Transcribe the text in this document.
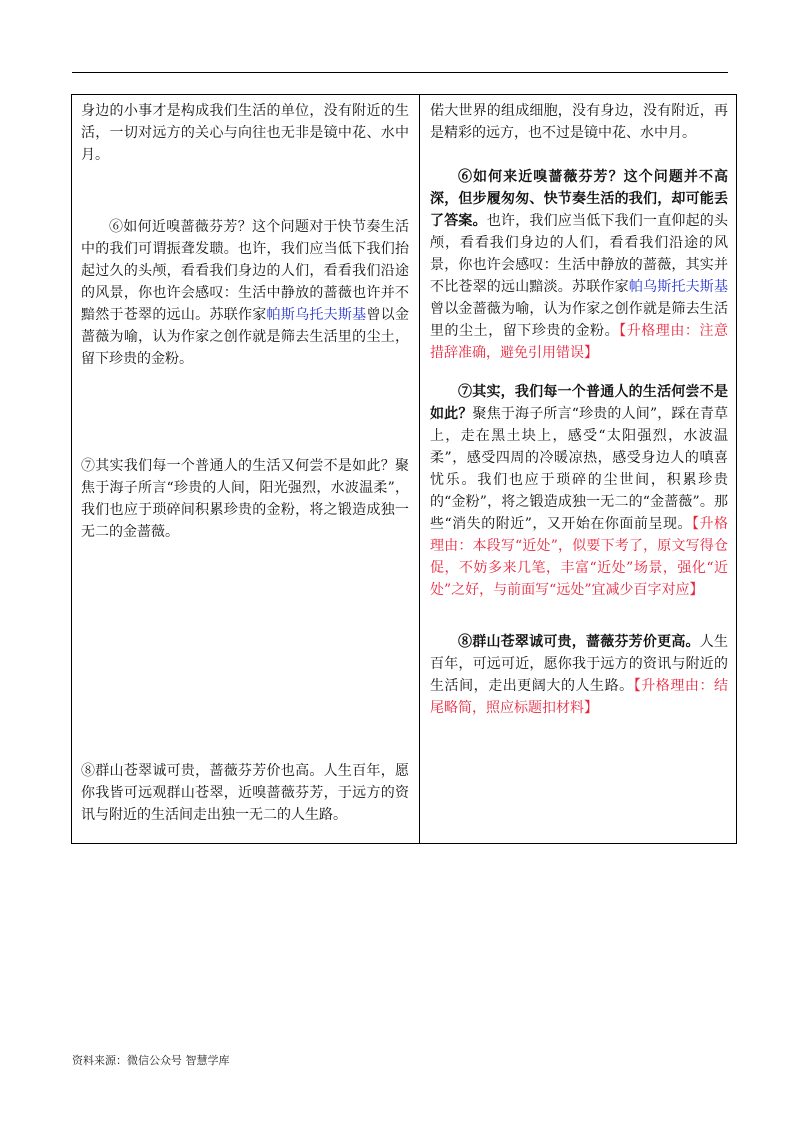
身边的小事才是构成我们生活的单位，没有附近的生活，一切对远方的关心与向往也无非是镜中花、水中月。

⑥如何近嗅蔷薇芬芳？这个问题对于快节奏生活中的我们可谓振聋发聩。也许，我们应当低下我们抬起过久的头颅，看看我们身边的人们，看看我们沿途的风景，你也许会感叹：生活中静放的蔷薇也许并不黯然于苍翠的远山。苏联作家帕斯乌托夫斯基曾以金蔷薇为喻，认为作家之创作就是筛去生活里的尘土，留下珍贵的金粉。

⑦其实我们每一个普通人的生活又何尝不是如此？聚焦于海子所言“珍贵的人间，阳光强烈，水波温柔”，我们也应于琐碎间积累珍贵的金粉，将之锻造成独一无二的金蔷薇。

⑧群山苍翠诚可贵，蔷薇芬芳价也高。人生百年，愿你我皆可远观群山苍翠，近嗅蔷薇芬芳，于远方的资讯与附近的生活间走出独一无二的人生路。

偌大世界的组成细胞，没有身边，没有附近，再是精彩的远方，也不过是镜中花、水中月。

⑥如何来近嗅蔷薇芬芳？这个问题并不高深，但步履匆匆、快节奏生活的我们，却可能丢了答案。也许，我们应当低下我们一直仰起的头颅，看看我们身边的人们，看看我们沿途的风景，你也许会感叹：生活中静放的蔷薇，其实并不比苍翠的远山黯淡。苏联作家帕乌斯托夫斯基曾以金蔷薇为喻，认为作家之创作就是筛去生活里的尘土，留下珍贵的金粉。【升格理由：注意措辞准确，避免引用错误】

⑦其实，我们每一个普通人的生活何尝不是如此？聚焦于海子所言“珍贵的人间”，踩在青草上，走在黑土块上，感受“太阳强烈，水波温柔”，感受四周的冷暖凉热，感受身边人的嗔喜忧乐。我们也应于琐碎的尘世间，积累珍贵的“金粉”，将之锻造成独一无二的“金蔷薇”。那些“消失的附近”，又开始在你面前呈现。【升格理由：本段写“近处”，似要下考了，原文写得仓促，不妨多来几笔，丰富“近处”场景，强化“近处”之好，与前面写“远处”宜减少百字对应】

⑧群山苍翠诚可贵，蔷薇芬芳价更高。人生百年，可远可近，愿你我于远方的资讯与附近的生活间，走出更阔大的人生路。【升格理由：结尾略简，照应标题扣材料】

资料来源：微信公众号 智慧学库
